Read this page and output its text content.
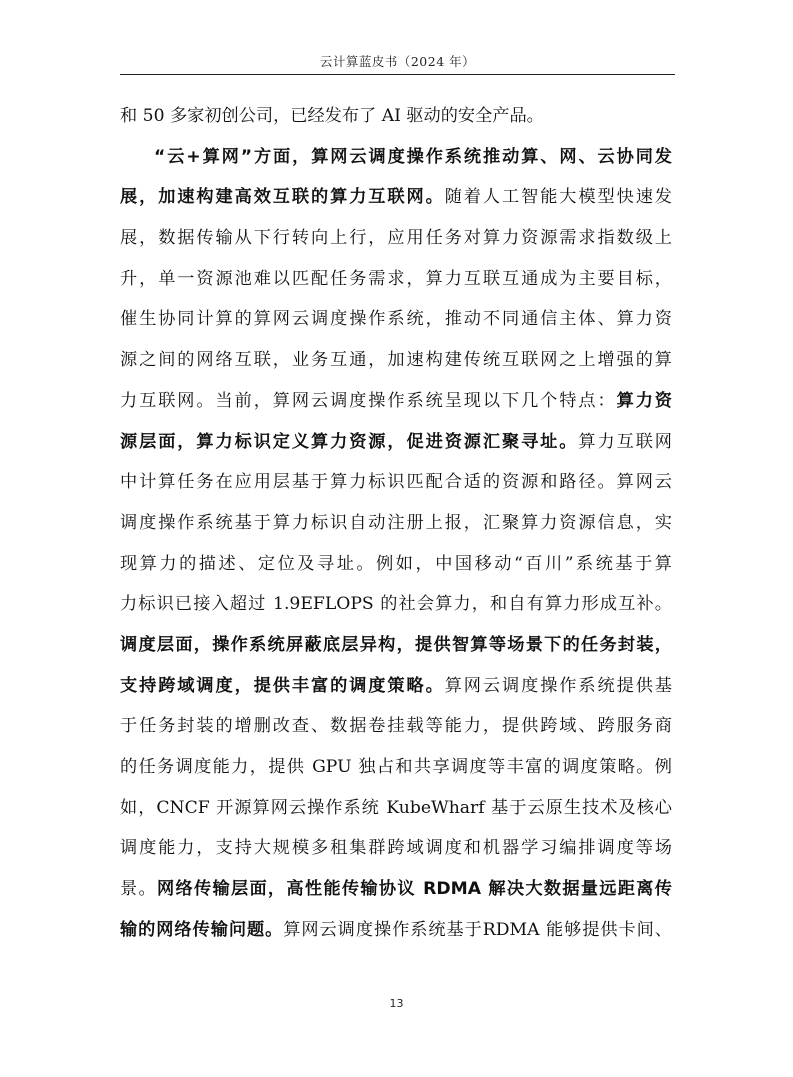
云计算蓝皮书（2024 年）
和 50 多家初创公司，已经发布了 AI 驱动的安全产品。
“云+算网”方面，算网云调度操作系统推动算、网、云协同发
展，加速构建高效互联的算力互联网。随着人工智能大模型快速发
展，数据传输从下行转向上行，应用任务对算力资源需求指数级上
升，单一资源池难以匹配任务需求，算力互联互通成为主要目标，
催生协同计算的算网云调度操作系统，推动不同通信主体、算力资
源之间的网络互联，业务互通，加速构建传统互联网之上增强的算
力互联网。当前，算网云调度操作系统呈现以下几个特点：算力资
源层面，算力标识定义算力资源，促进资源汇聚寻址。算力互联网
中计算任务在应用层基于算力标识匹配合适的资源和路径。算网云
调度操作系统基于算力标识自动注册上报，汇聚算力资源信息，实
现算力的描述、定位及寻址。例如，中国移动“百川”系统基于算
力标识已接入超过 1.9EFLOPS 的社会算力，和自有算力形成互补。
调度层面，操作系统屏蔽底层异构，提供智算等场景下的任务封装，
支持跨域调度，提供丰富的调度策略。算网云调度操作系统提供基
于任务封装的增删改查、数据卷挂载等能力，提供跨域、跨服务商
的任务调度能力，提供 GPU 独占和共享调度等丰富的调度策略。例
如，CNCF 开源算网云操作系统 KubeWharf 基于云原生技术及核心
调度能力，支持大规模多租集群跨域调度和机器学习编排调度等场
景。网络传输层面，高性能传输协议 RDMA 解决大数据量远距离传
输的网络传输问题。算网云调度操作系统基于RDMA 能够提供卡间、
13
